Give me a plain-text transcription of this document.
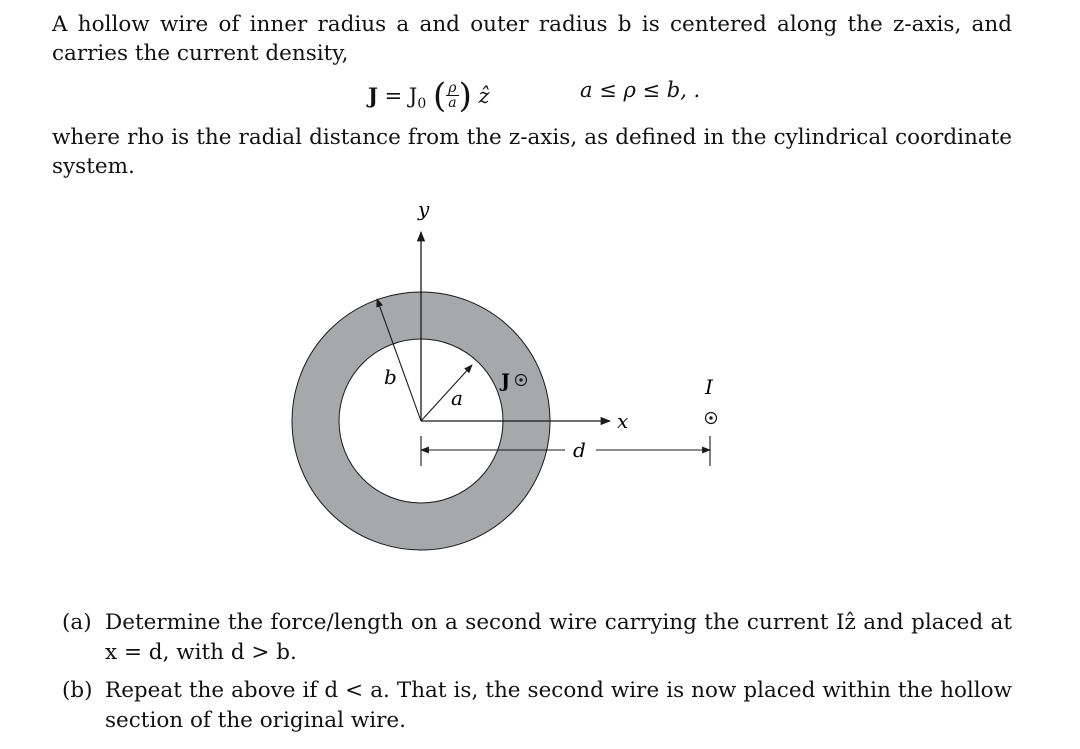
A hollow wire of inner radius a and outer radius b is centered along the z-axis, and carries the current density,
$J = J_0$ ( $\frac{\rho}{a}$ ) ẑ	a ≤ ρ ≤ b, .
where rho is the radial distance from the z-axis, as defined in the cylindrical coordinate system.
y
x
b
a
J	I
d
(a) Determine the force/length on a second wire carrying the current Iẑ and placed at x = d, with d > b.
(b) Repeat the above if d < a. That is, the second wire is now placed within the hollow section of the original wire.
